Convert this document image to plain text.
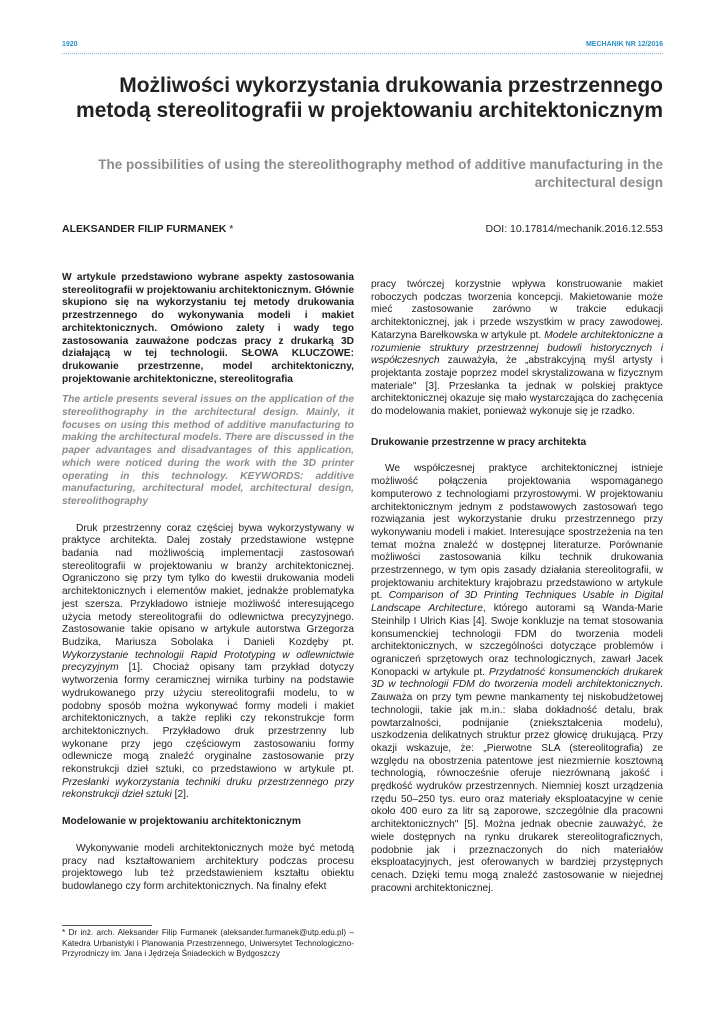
1920	MECHANIK NR 12/2016
Możliwości wykorzystania drukowania przestrzennego metodą stereolitografii w projektowaniu architektonicznym
The possibilities of using the stereolithography method of additive manufacturing in the architectural design
ALEKSANDER FILIP FURMANEK *	DOI: 10.17814/mechanik.2016.12.553

W artykule przedstawiono wybrane aspekty zastosowania stereolitografii w projektowaniu architektonicznym. Głównie skupiono się na wykorzystaniu tej metody drukowania przestrzennego do wykonywania modeli i makiet architektonicznych. Omówiono zalety i wady tego zastosowania zauważone podczas pracy z drukarką 3D działającą w tej technologii. SŁOWA KLUCZOWE: drukowanie przestrzenne, model architektoniczny, projektowanie architektoniczne, stereolitografia

The article presents several issues on the application of the stereolithography in the architectural design. Mainly, it focuses on using this method of additive manufacturing to making the architectural models. There are discussed in the paper advantages and disadvantages of this application, which were noticed during the work with the 3D printer operating in this technology. KEYWORDS: additive manufacturing, architectural model, architectural design, stereolithography

Druk przestrzenny coraz częściej bywa wykorzystywany w praktyce architekta. Dalej zostały przedstawione wstępne badania nad możliwością implementacji zastosowań stereolitografii w projektowaniu w branży architektonicznej. Ograniczono się przy tym tylko do kwestii drukowania modeli architektonicznych i elementów makiet, jednakże problematyka jest szersza. Przykładowo istnieje możliwość interesującego użycia metody stereolitografii do odlewnictwa precyzyjnego. Zastosowanie takie opisano w artykule autorstwa Grzegorza Budzika, Mariusza Sobolaka i Danieli Kozdęby pt. Wykorzystanie technologii Rapid Prototyping w odlewnictwie precyzyjnym [1]. Chociaż opisany tam przykład dotyczy wytworzenia formy ceramicznej wirnika turbiny na podstawie wydrukowanego przy użyciu stereolitografii modelu, to w podobny sposób można wykonywać formy modeli i makiet architektonicznych, a także repliki czy rekonstrukcje form architektonicznych. Przykładowo druk przestrzenny lub wykonane przy jego częściowym zastosowaniu formy odlewnicze mogą znaleźć oryginalne zastosowanie przy rekonstrukcji dzieł sztuki, co przedstawiono w artykule pt. Przesłanki wykorzystania techniki druku przestrzennego przy rekonstrukcji dzieł sztuki [2].

Modelowanie w projektowaniu architektonicznym

Wykonywanie modeli architektonicznych może być metodą pracy nad kształtowaniem architektury podczas procesu projektowego lub też przedstawieniem kształtu obiektu budowlanego czy form architektonicznych. Na finalny efekt

pracy twórczej korzystnie wpływa konstruowanie makiet roboczych podczas tworzenia koncepcji. Makietowanie może mieć zastosowanie zarówno w trakcie edukacji architektonicznej, jak i przede wszystkim w pracy zawodowej. Katarzyna Barełkowska w artykule pt. Modele architektoniczne a rozumienie struktury przestrzennej budowli historycznych i współczesnych zauważyła, że „abstrakcyjną myśl artysty i projektanta zostaje poprzez model skrystalizowana w fizycznym materiale" [3]. Przesłanka ta jednak w polskiej praktyce architektonicznej okazuje się mało wystarczająca do zachęcenia do modelowania makiet, ponieważ wykonuje się je rzadko.

Drukowanie przestrzenne w pracy architekta

We współczesnej praktyce architektonicznej istnieje możliwość połączenia projektowania wspomaganego komputerowo z technologiami przyrostowymi. W projektowaniu architektonicznym jednym z podstawowych zastosowań tego rozwiązania jest wykorzystanie druku przestrzennego przy wykonywaniu modeli i makiet. Interesujące spostrzeżenia na ten temat można znaleźć w dostępnej literaturze. Porównanie możliwości zastosowania kilku technik drukowania przestrzennego, w tym opis zasady działania stereolitografii, w projektowaniu architektury krajobrazu przedstawiono w artykule pt. Comparison of 3D Printing Techniques Usable in Digital Landscape Architecture, którego autorami są Wanda-Marie Steinhilp I Ulrich Kias [4]. Swoje konkluzje na temat stosowania konsumenckiej technologii FDM do tworzenia modeli architektonicznych, w szczególności dotyczące problemów i ograniczeń sprzętowych oraz technologicznych, zawarł Jacek Konopacki w artykule pt. Przydatność konsumenckich drukarek 3D w technologii FDM do tworzenia modeli architektonicznych. Zauważa on przy tym pewne mankamenty tej niskobudżetowej technologii, takie jak m.in.: słaba dokładność detalu, brak powtarzalności, podnijanie (zniekształcenia modelu), uszkodzenia delikatnych struktur przez głowicę drukującą. Przy okazji wskazuje, że: „Pierwotne SLA (stereolitografia) ze względu na obostrzenia patentowe jest niezmiernie kosztowną technologią, równocześnie oferuje niezrównaną jakość i prędkość wydruków przestrzennych. Niemniej koszt urządzenia rzędu 50–250 tys. euro oraz materiały eksploatacyjne w cenie około 400 euro za litr są zaporowe, szczególnie dla pracowni architektonicznych" [5]. Można jednak obecnie zauważyć, że wiele dostępnych na rynku drukarek stereolitograficznych, podobnie jak i przeznaczonych do nich materiałów eksploatacyjnych, jest oferowanych w bardziej przystępnych cenach. Dzięki temu mogą znaleźć zastosowanie w niejednej pracowni architektonicznej.

* Dr inż. arch. Aleksander Filip Furmanek (aleksander.furmanek@utp.edu.pl) – Katedra Urbanistyki i Planowania Przestrzennego, Uniwersytet Technologiczno-Przyrodniczy im. Jana i Jędrzeja Śniadeckich w Bydgoszczy
